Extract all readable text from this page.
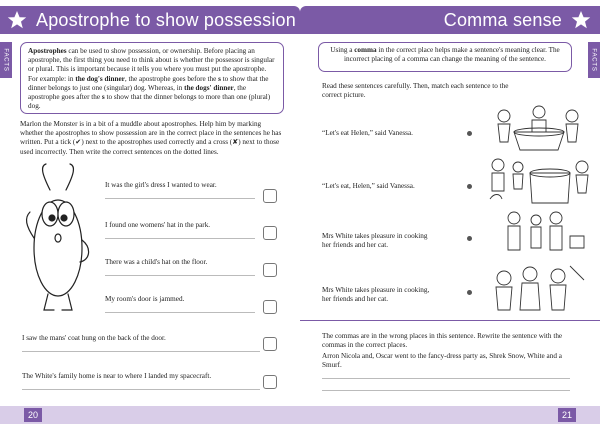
Apostrophe to show possession
FACTS	Apostrophes can be used to show possession, or ownership. Before placing an apostrophe, the first thing you need to think about is whether the possessor is singular or plural. This is important because it tells you where you must put the apostrophe. For example: in the dog's dinner, the apostrophe goes before the s to show that the dinner belongs to just one (singular) dog. Whereas, in the dogs' dinner, the apostrophe goes after the s to show that the dinner belongs to more than one (plural) dog.
Marlon the Monster is in a bit of a muddle about apostrophes. Help him by marking whether the apostrophes to show possession are in the correct place in the sentences he has written. Put a tick (✔) next to the apostrophes used correctly and a cross (✘) next to those used incorrectly. Then write the correct sentences on the dotted lines.
It was the girl's dress I wanted to wear.
I found one womens' hat in the park.
There was a child's hat on the floor.
My room's door is jammed.
I saw the mans' coat hung on the back of the door.
The White's family home is near to where I landed my spacecraft.
20
Comma sense
FACTS
Using a comma in the correct place helps make a sentence's meaning clear. The incorrect placing of a comma can change the meaning of the sentence.
Read these sentences carefully. Then, match each sentence to the correct picture.
“Let's eat Helen,” said Vanessa.
“Let's eat, Helen,” said Vanessa.
Mrs White takes pleasure in cooking her friends and her cat.
Mrs White takes pleasure in cooking, her friends and her cat.
The commas are in the wrong places in this sentence. Rewrite the sentence with the commas in the correct places.
Arron Nicola and, Oscar went to the fancy-dress party as, Shrek Snow, White and a Smurf.
21
